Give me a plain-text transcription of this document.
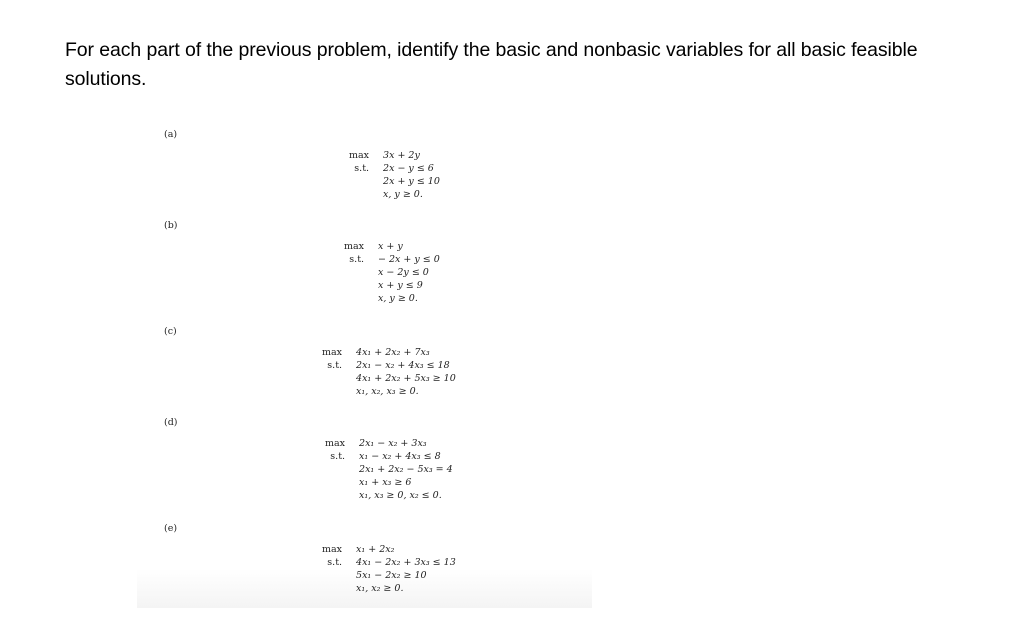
For each part of the previous problem, identify the basic and nonbasic variables for all basic feasible solutions.
(a)
max 3x + 2y
s.t. 2x − y ≤ 6
2x + y ≤ 10
x, y ≥ 0.
(b)
max x + y
s.t. − 2x + y ≤ 0
x − 2y ≤ 0
x + y ≤ 9
x, y ≥ 0.
(c)
max 4x₁ + 2x₂ + 7x₃
s.t. 2x₁ − x₂ + 4x₃ ≤ 18
4x₁ + 2x₂ + 5x₃ ≥ 10
x₁, x₂, x₃ ≥ 0.
(d)
max 2x₁ − x₂ + 3x₃
s.t. x₁ − x₂ + 4x₃ ≤ 8
2x₁ + 2x₂ − 5x₃ = 4
x₁ + x₃ ≥ 6
x₁, x₃ ≥ 0, x₂ ≤ 0.
(e)
max x₁ + 2x₂
s.t. 4x₁ − 2x₂ + 3x₃ ≤ 13
5x₁ − 2x₂ ≥ 10
x₁, x₂ ≥ 0.
